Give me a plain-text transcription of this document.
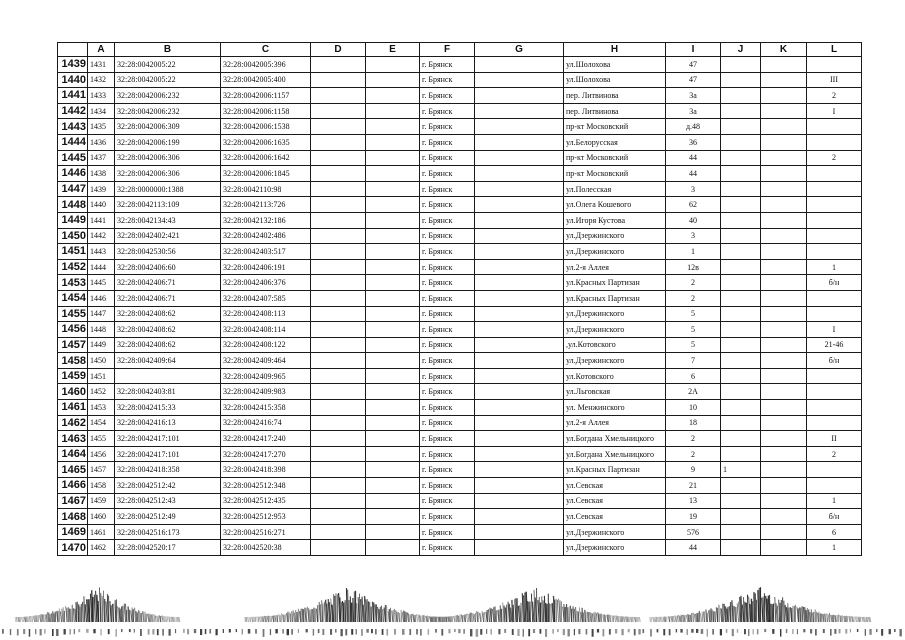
	A	B	C	D	E	F	G	H	I	J	K	L
1439	1431	32:28:0042005:22	32:28:0042005:396			г. Брянск		ул.Шолохова	47			
1440	1432	32:28:0042005:22	32:28:0042005:400			г. Брянск		ул.Шолохова	47			III
1441	1433	32:28:0042006:232	32:28:0042006:1157			г. Брянск		пер. Литвинова	3а			2
1442	1434	32:28:0042006:232	32:28:0042006:1158			г. Брянск		пер. Литвинова	3а			I
1443	1435	32:28:0042006:309	32:28:0042006:1538			г. Брянск		пр-кт Московский	д.48			
1444	1436	32:28:0042006:199	32:28:0042006:1635			г. Брянск		ул.Белорусская	36			
1445	1437	32:28:0042006:306	32:28:0042006:1642			г. Брянск		пр-кт Московский	44			2
1446	1438	32:28:0042006:306	32:28:0042006:1845			г. Брянск		пр-кт Московский	44			
1447	1439	32:28:0000000:1388	32:28:0042110:98			г. Брянск		ул.Полесская	3			
1448	1440	32:28:0042113:109	32:28:0042113:726			г. Брянск		ул.Олега Кошевого	62			
1449	1441	32:28:0042134:43	32:28:0042132:186			г. Брянск		ул.Игоря Кустова	40			
1450	1442	32:28:0042402:421	32:28:0042402:486			г. Брянск		ул.Дзержинского	3			
1451	1443	32:28:0042530:56	32:28:0042403:517			г. Брянск		ул.Дзержинского	1			
1452	1444	32:28:0042406:60	32:28:0042406:191			г. Брянск		ул.2-я Аллея	12в			1
1453	1445	32:28:0042406:71	32:28:0042406:376			г. Брянск		ул.Красных Партизан	2			б/н
1454	1446	32:28:0042406:71	32:28:0042407:585			г. Брянск		ул.Красных Партизан	2			
1455	1447	32:28:0042408:62	32:28:0042408:113			г. Брянск		ул.Дзержинского	5			
1456	1448	32:28:0042408:62	32:28:0042408:114			г. Брянск		ул.Дзержинского	5			I
1457	1449	32:28:0042408:62	32:28:0042408:122			г. Брянск		,ул.Котовского	5			21-46
1458	1450	32:28:0042409:64	32:28:0042409:464			г. Брянск		ул.Дзержинского	7			б/н
1459	1451		32:28:0042409:965			г. Брянск		ул.Котовского	6			
1460	1452	32:28:0042403:81	32:28:0042409:983			г. Брянск		ул.Льговская	2А			
1461	1453	32:28:0042415:33	32:28:0042415:358			г. Брянск		ул. Менжинского	10			
1462	1454	32:28:0042416:13	32:28:0042416:74			г. Брянск		ул.2-я Аллея	18			
1463	1455	32:28:0042417:101	32:28:0042417:240			г. Брянск		ул.Богдана Хмельницкого	2			II
1464	1456	32:28:0042417:101	32:28:0042417:270			г. Брянск		ул.Богдана Хмельницкого	2			2
1465	1457	32:28:0042418:358	32:28:0042418:398			г. Брянск		ул.Красных Партизан	9	1		
1466	1458	32:28:0042512:42	32:28:0042512:348			г. Брянск		ул.Севская	21			
1467	1459	32:28:0042512:43	32:28:0042512:435			г. Брянск		ул.Севская	13			1
1468	1460	32:28:0042512:49	32:28:0042512:953			г. Брянск		ул.Севская	19			б/н
1469	1461	32:28:0042516:173	32:28:0042516:271			г. Брянск		ул.Дзержинского	576			6
1470	1462	32:28:0042520:17	32:28:0042520:38			г. Брянск		ул.Дзержинского	44			1
